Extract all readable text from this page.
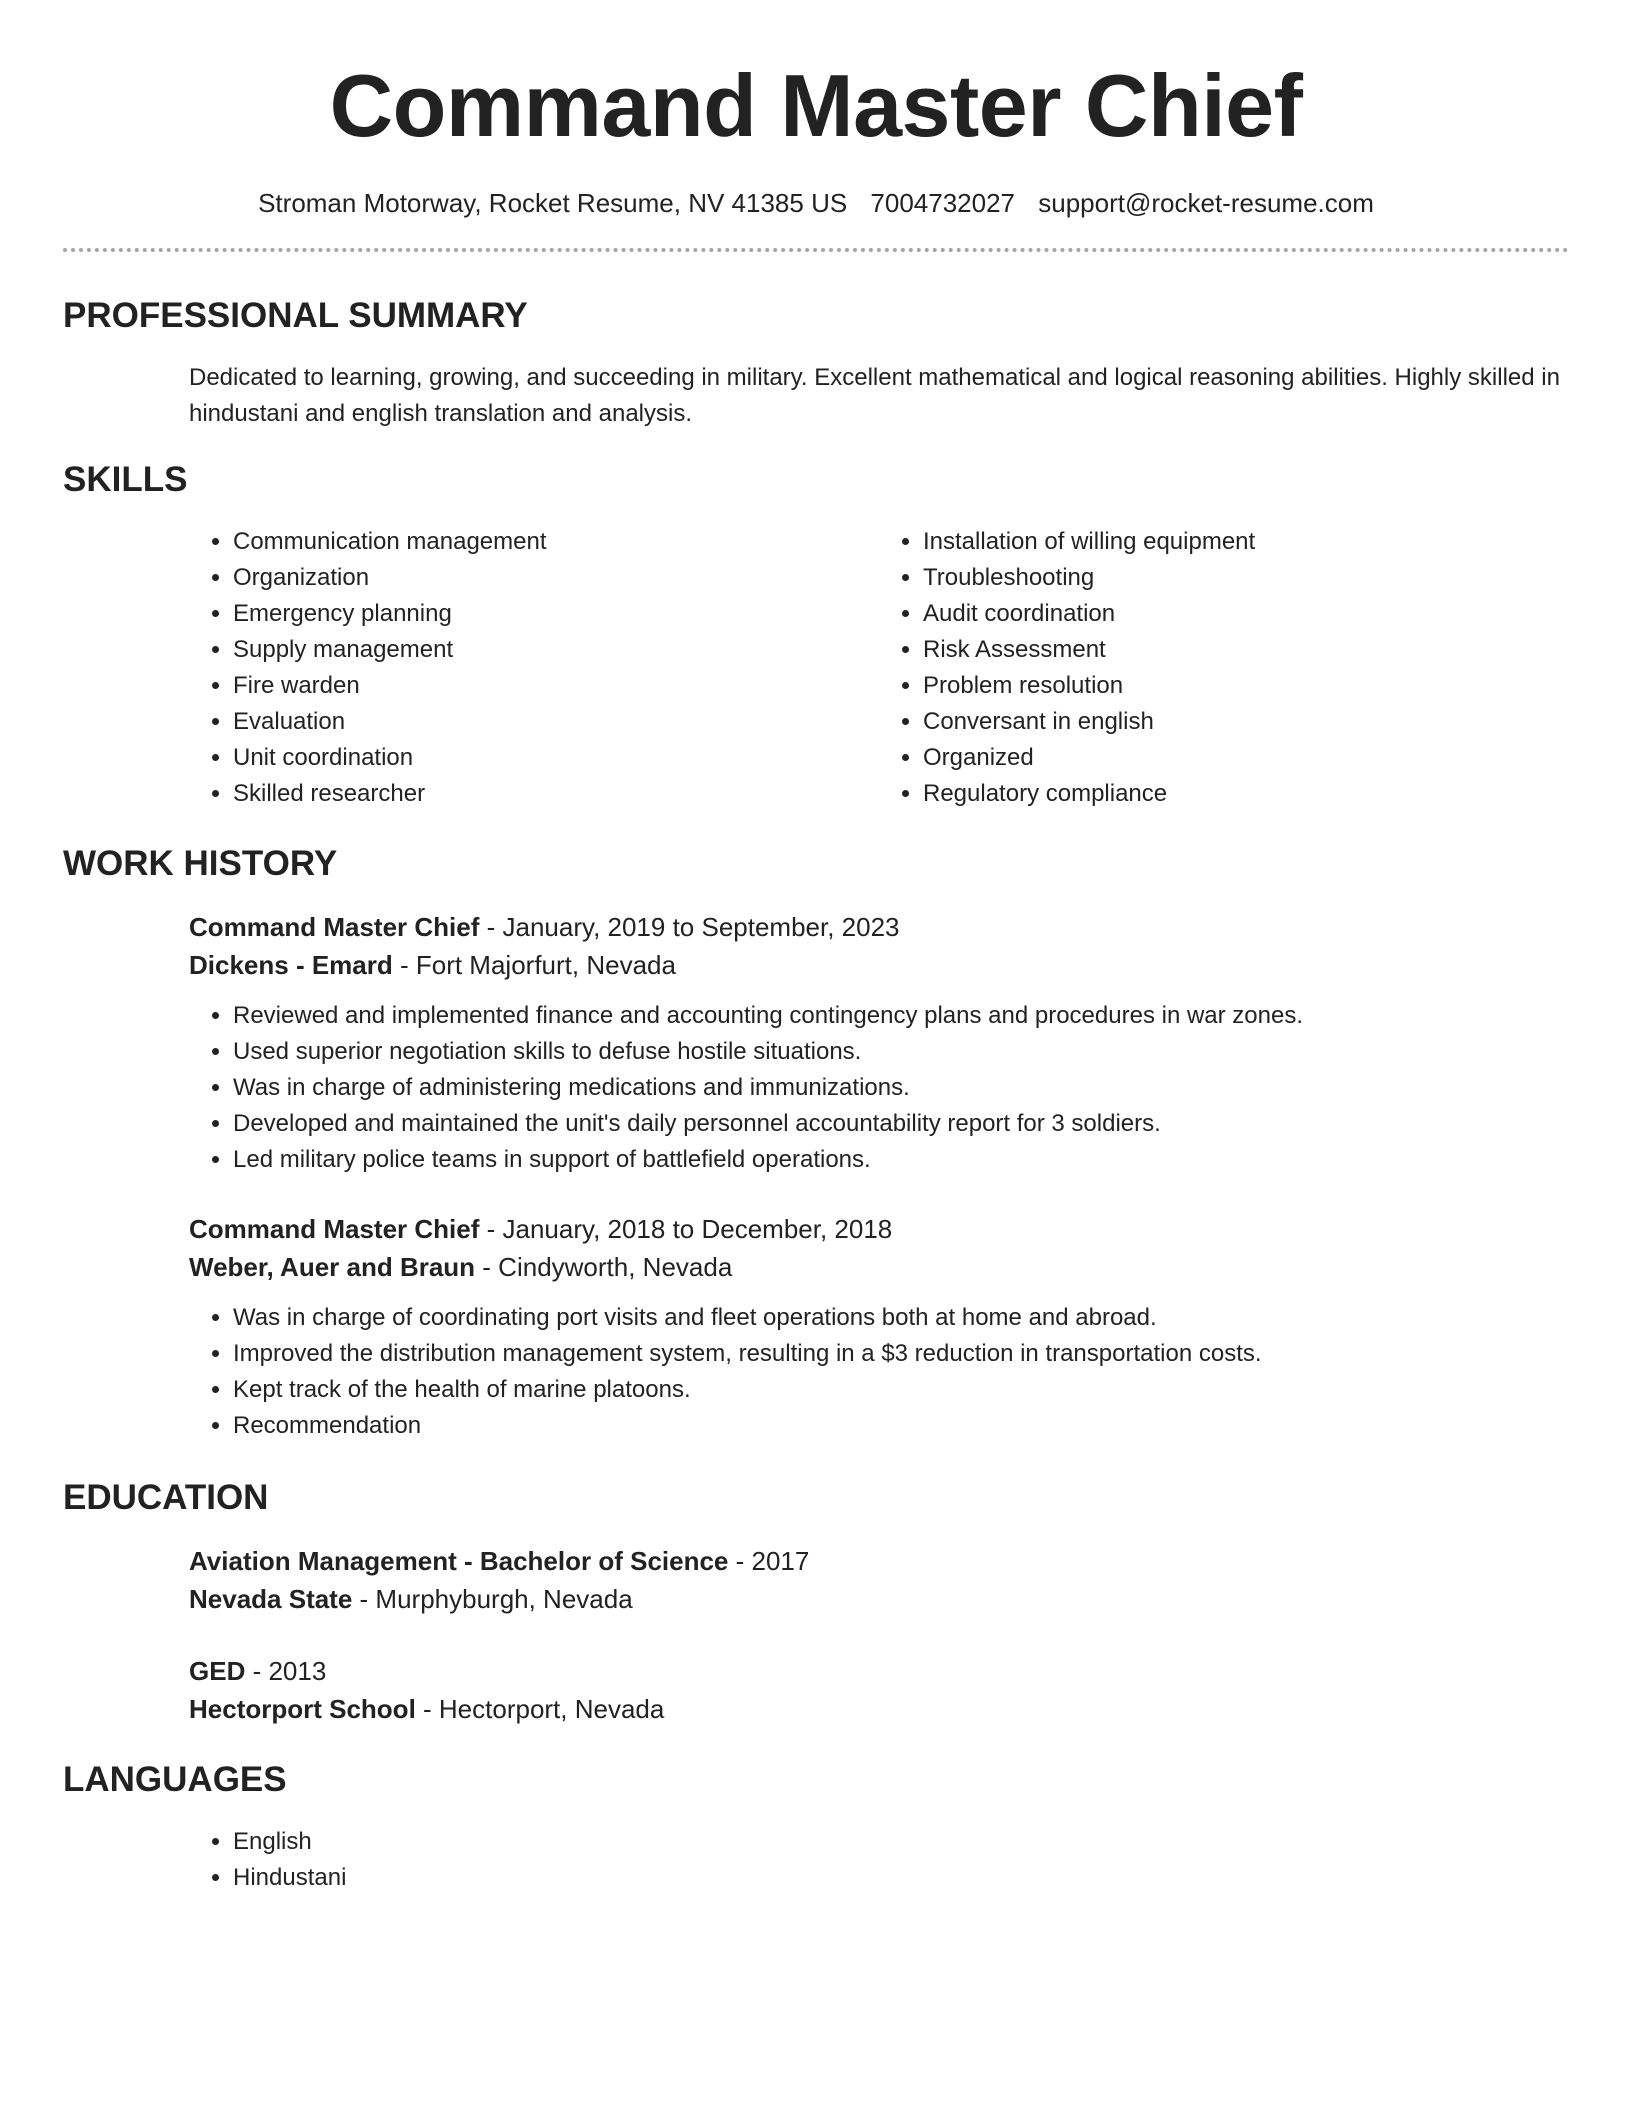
Command Master Chief
Stroman Motorway, Rocket Resume, NV 41385 US 7004732027 support@rocket-resume.com
PROFESSIONAL SUMMARY

Dedicated to learning, growing, and succeeding in military. Excellent mathematical and logical reasoning abilities. Highly skilled in hindustani and english translation and analysis.

SKILLS
• Communication management
• Organization
• Emergency planning
• Supply management
• Fire warden
• Evaluation
• Unit coordination
• Skilled researcher
• Installation of willing equipment
• Troubleshooting
• Audit coordination
• Risk Assessment
• Problem resolution
• Conversant in english
• Organized
• Regulatory compliance
WORK HISTORY

Command Master Chief - January, 2019 to September, 2023

Dickens - Emard - Fort Majorfurt, Nevada

• Reviewed and implemented finance and accounting contingency plans and procedures in war zones.
• Used superior negotiation skills to defuse hostile situations.
• Was in charge of administering medications and immunizations.
• Developed and maintained the unit's daily personnel accountability report for 3 soldiers.
• Led military police teams in support of battlefield operations.

Command Master Chief - January, 2018 to December, 2018

Weber, Auer and Braun - Cindyworth, Nevada

• Was in charge of coordinating port visits and fleet operations both at home and abroad.
• Improved the distribution management system, resulting in a $3 reduction in transportation costs.
• Kept track of the health of marine platoons.
• Recommendation
EDUCATION

Aviation Management - Bachelor of Science - 2017

Nevada State - Murphyburgh, Nevada

GED - 2013

Hectorport School - Hectorport, Nevada

LANGUAGES
• English
• Hindustani
